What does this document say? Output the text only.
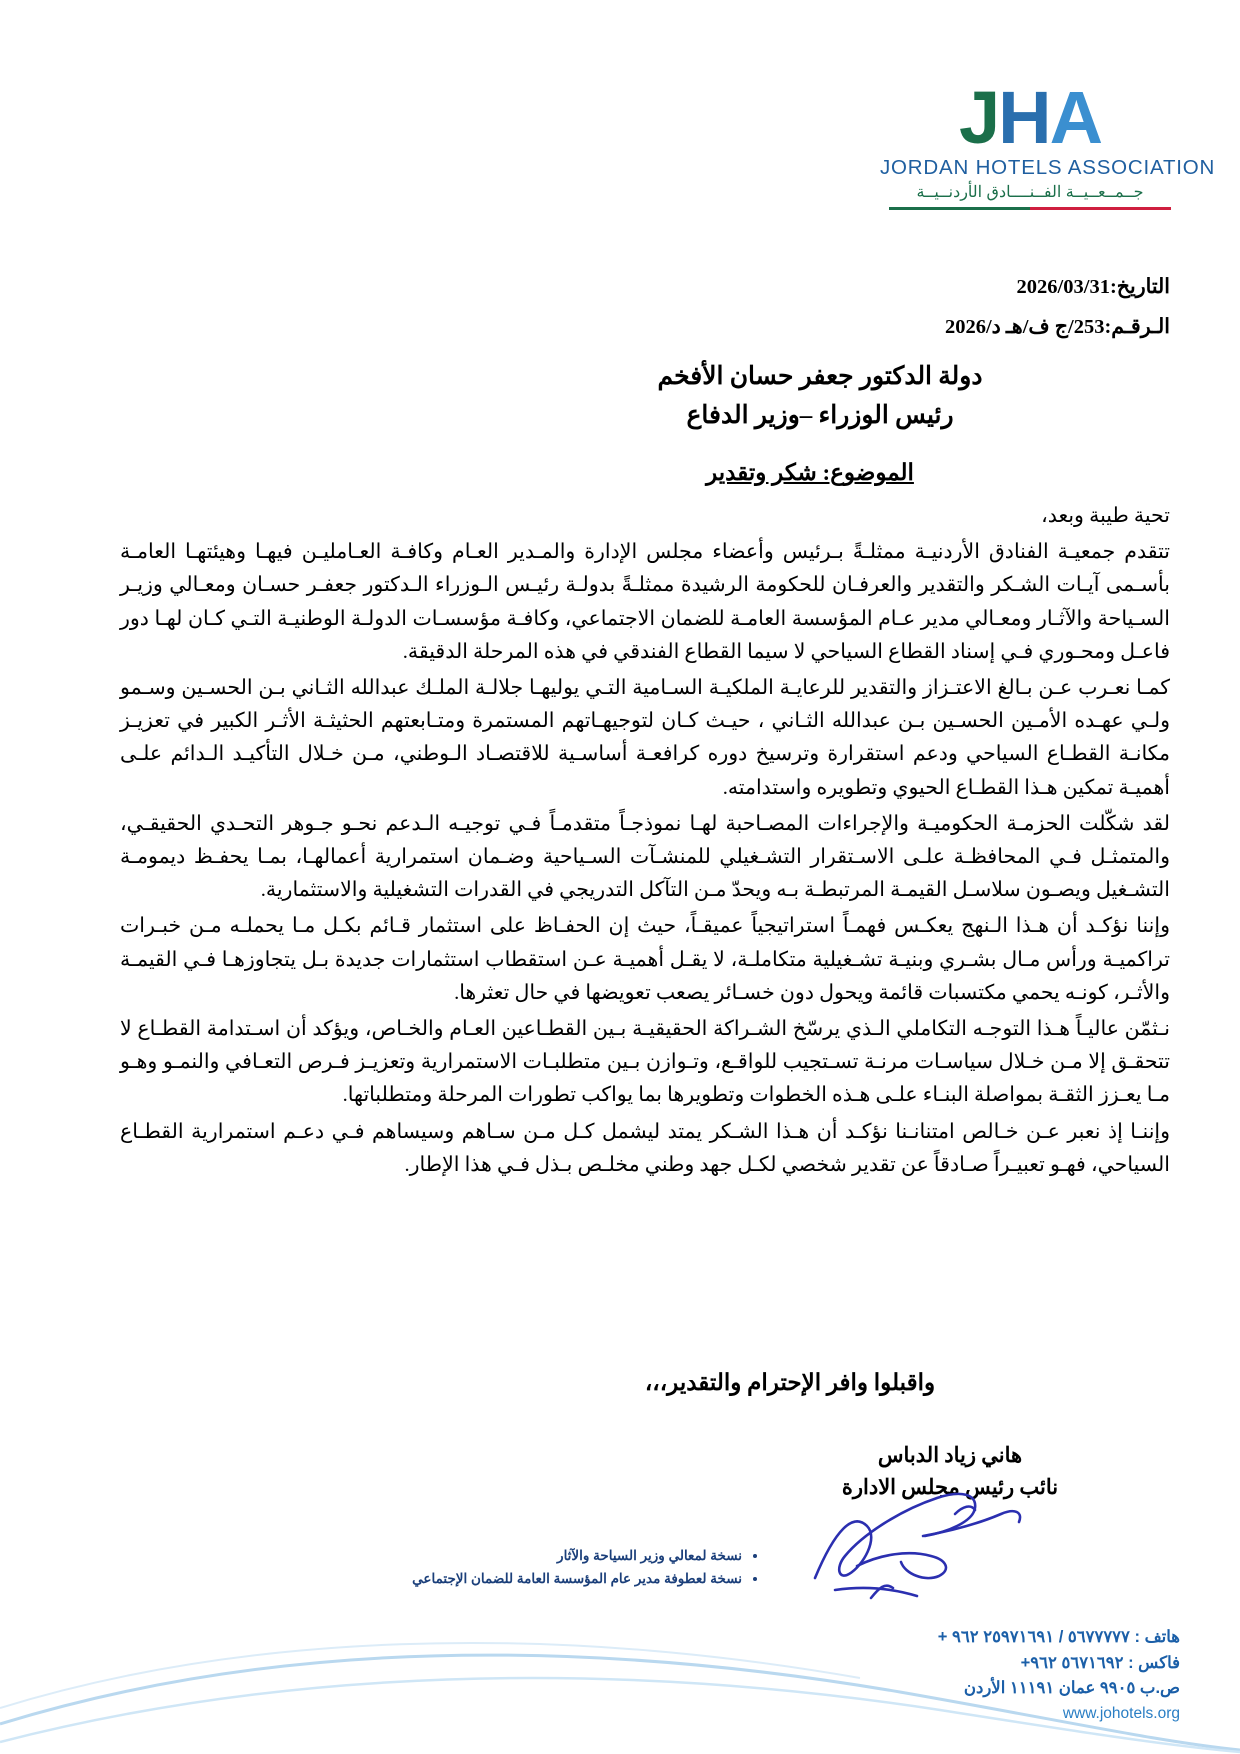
J H A
JORDAN HOTELS ASSOCIATION
جــمــعــيــة الفــنــــادق الأردنــيــة
التاريخ:2026/03/31
الـرقـم:253/ج ف/هـ د/2026
دولة الدكتور جعفر حسان الأفخم
رئيس الوزراء –وزير الدفاع
الموضوع: شكر وتقدير

تحية طيبة وبعد،

تتقدم جمعيـة الفنادق الأردنيـة ممثلـةً بـرئيس وأعضاء مجلس الإدارة والمـدير العـام وكافـة العـامليـن فيهـا وهيئتهـا العامـة بأسـمى آيـات الشـكر والتقدير والعرفـان للحكومة الرشيدة ممثلـةً بدولـة رئيـس الـوزراء الـدكتور جعفـر حسـان ومعـالي وزيـر السـياحة والآثـار ومعـالي مدير عـام المؤسسة العامـة للضمان الاجتماعي، وكافـة مؤسسـات الدولـة الوطنيـة التـي كـان لهـا دور فاعـل ومحـوري فـي إسناد القطاع السياحي لا سيما القطاع الفندقي في هذه المرحلة الدقيقة.

كمـا نعـرب عـن بـالغ الاعتـزاز والتقدير للرعايـة الملكيـة السـامية التـي يوليهـا جلالـة الملـك عبدالله الثـاني بـن الحسـين وسـمو ولـي عهـده الأمـين الحسـين بـن عبدالله الثـاني ، حيـث كـان لتوجيهـاتهم المستمرة ومتـابعتهم الحثيثـة الأثـر الكبير في تعزيـز مكانـة القطـاع السياحي ودعم استقرارة وترسيخ دوره كرافعـة أساسـية للاقتصـاد الـوطني، مـن خـلال التأكيـد الـدائم علـى أهميـة تمكين هـذا القطـاع الحيوي وتطويره واستدامته.

لقد شكّلت الحزمـة الحكوميـة والإجراءات المصـاحبة لهـا نموذجـاً متقدمـاً فـي توجيـه الـدعم نحـو جـوهر التحـدي الحقيقـي، والمتمثـل فـي المحافظـة علـى الاسـتقرار التشـغيلي للمنشـآت السـياحية وضـمان استمرارية أعمالهـا، بمـا يحفـظ ديمومـة التشـغيل ويصـون سلاسـل القيمـة المرتبطـة بـه ويحدّ مـن التآكل التدريجي في القدرات التشغيلية والاستثمارية.

وإننا نؤكـد أن هـذا الـنهج يعكـس فهمـاً استراتيجياً عميقـاً، حيث إن الحفـاظ على استثمار قـائم بكـل مـا يحملـه مـن خبـرات تراكميـة ورأس مـال بشـري وبنيـة تشـغيلية متكاملـة، لا يقـل أهميـة عـن استقطاب استثمارات جديدة بـل يتجاوزهـا فـي القيمـة والأثـر، كونـه يحمي مكتسبات قائمة ويحول دون خسـائر يصعب تعويضها في حال تعثرها.

نـثمّن عاليـاً هـذا التوجـه التكاملي الـذي يرسّخ الشـراكة الحقيقيـة بـين القطـاعين العـام والخـاص، ويؤكد أن اسـتدامة القطـاع لا تتحقـق إلا مـن خـلال سياسـات مرنـة تسـتجيب للواقـع، وتـوازن بـين متطلبـات الاستمرارية وتعزيـز فـرص التعـافي والنمـو وهـو مـا يعـزز الثقـة بمواصلة البنـاء علـى هـذه الخطوات وتطويرها بما يواكب تطورات المرحلة ومتطلباتها.

وإننـا إذ نعبر عـن خـالص امتنانـنا نؤكـد أن هـذا الشـكر يمتد ليشمل كـل مـن سـاهم وسيساهم فـي دعـم استمرارية القطـاع السياحي، فهـو تعبيـراً صـادقاً عن تقدير شخصي لكـل جهد وطني مخلـص بـذل فـي هذا الإطار.

واقبلوا وافر الإحترام والتقدير،،،
هاني زياد الدباس
نائب رئيس مجلس الادارة
• نسخة لمعالي وزير السياحة والآثار
• نسخة لعطوفة مدير عام المؤسسة العامة للضمان الإجتماعي
هاتف : ٥٦٧٧٧٧٧ / ٢٥٩٧١٦٩١ ٩٦٢ +
فاكس : ٥٦٧١٦٩٢ ٩٦٢+
ص.ب ٩٩٠٥ عمان ١١١٩١ الأردن
www.johotels.org
